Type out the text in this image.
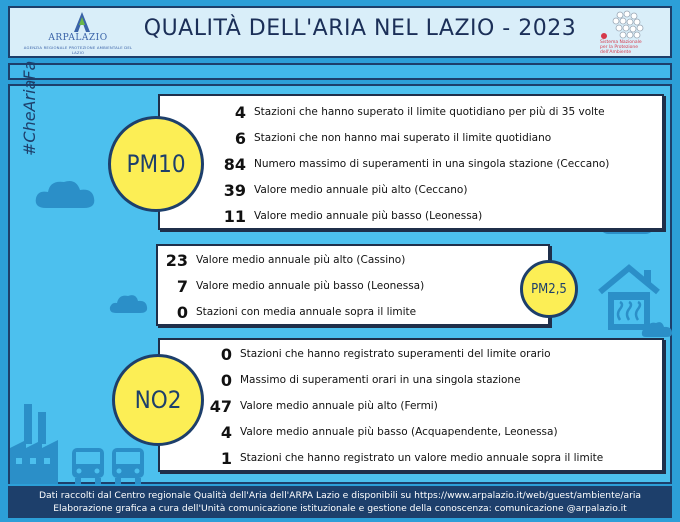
ARPALAZIO
AGENZIA REGIONALE PROTEZIONE AMBIENTALE DEL LAZIO
QUALITÀ DELL'ARIA NEL LAZIO - 2023
Sistema Nazionale
per la Protezione
dell'Ambiente
#CheAriaFa	4 Stazioni che hanno superato il limite quotidiano per più di 35 volte
6 Stazioni che non hanno mai superato il limite quotidiano
84 Numero massimo di superamenti in una singola stazione (Ceccano)
39 Valore medio annuale più alto (Ceccano)
11 Valore medio annuale più basso (Leonessa)
PM10
23 Valore medio annuale più alto (Cassino)
7 Valore medio annuale più basso (Leonessa)
0 Stazioni con media annuale sopra il limite
PM2,5
0 Stazioni che hanno registrato superamenti del limite orario
0 Massimo di superamenti orari in una singola stazione
47 Valore medio annuale più alto (Fermi)
4 Valore medio annuale più basso (Acquapendente, Leonessa)
1 Stazioni che hanno registrato un valore medio annuale sopra il limite
NO2
Dati raccolti dal Centro regionale Qualità dell'Aria dell'ARPA Lazio e disponibili su https://www.arpalazio.it/web/guest/ambiente/aria
Elaborazione grafica a cura dell'Unità comunicazione istituzionale e gestione della conoscenza: comunicazione @arpalazio.it
